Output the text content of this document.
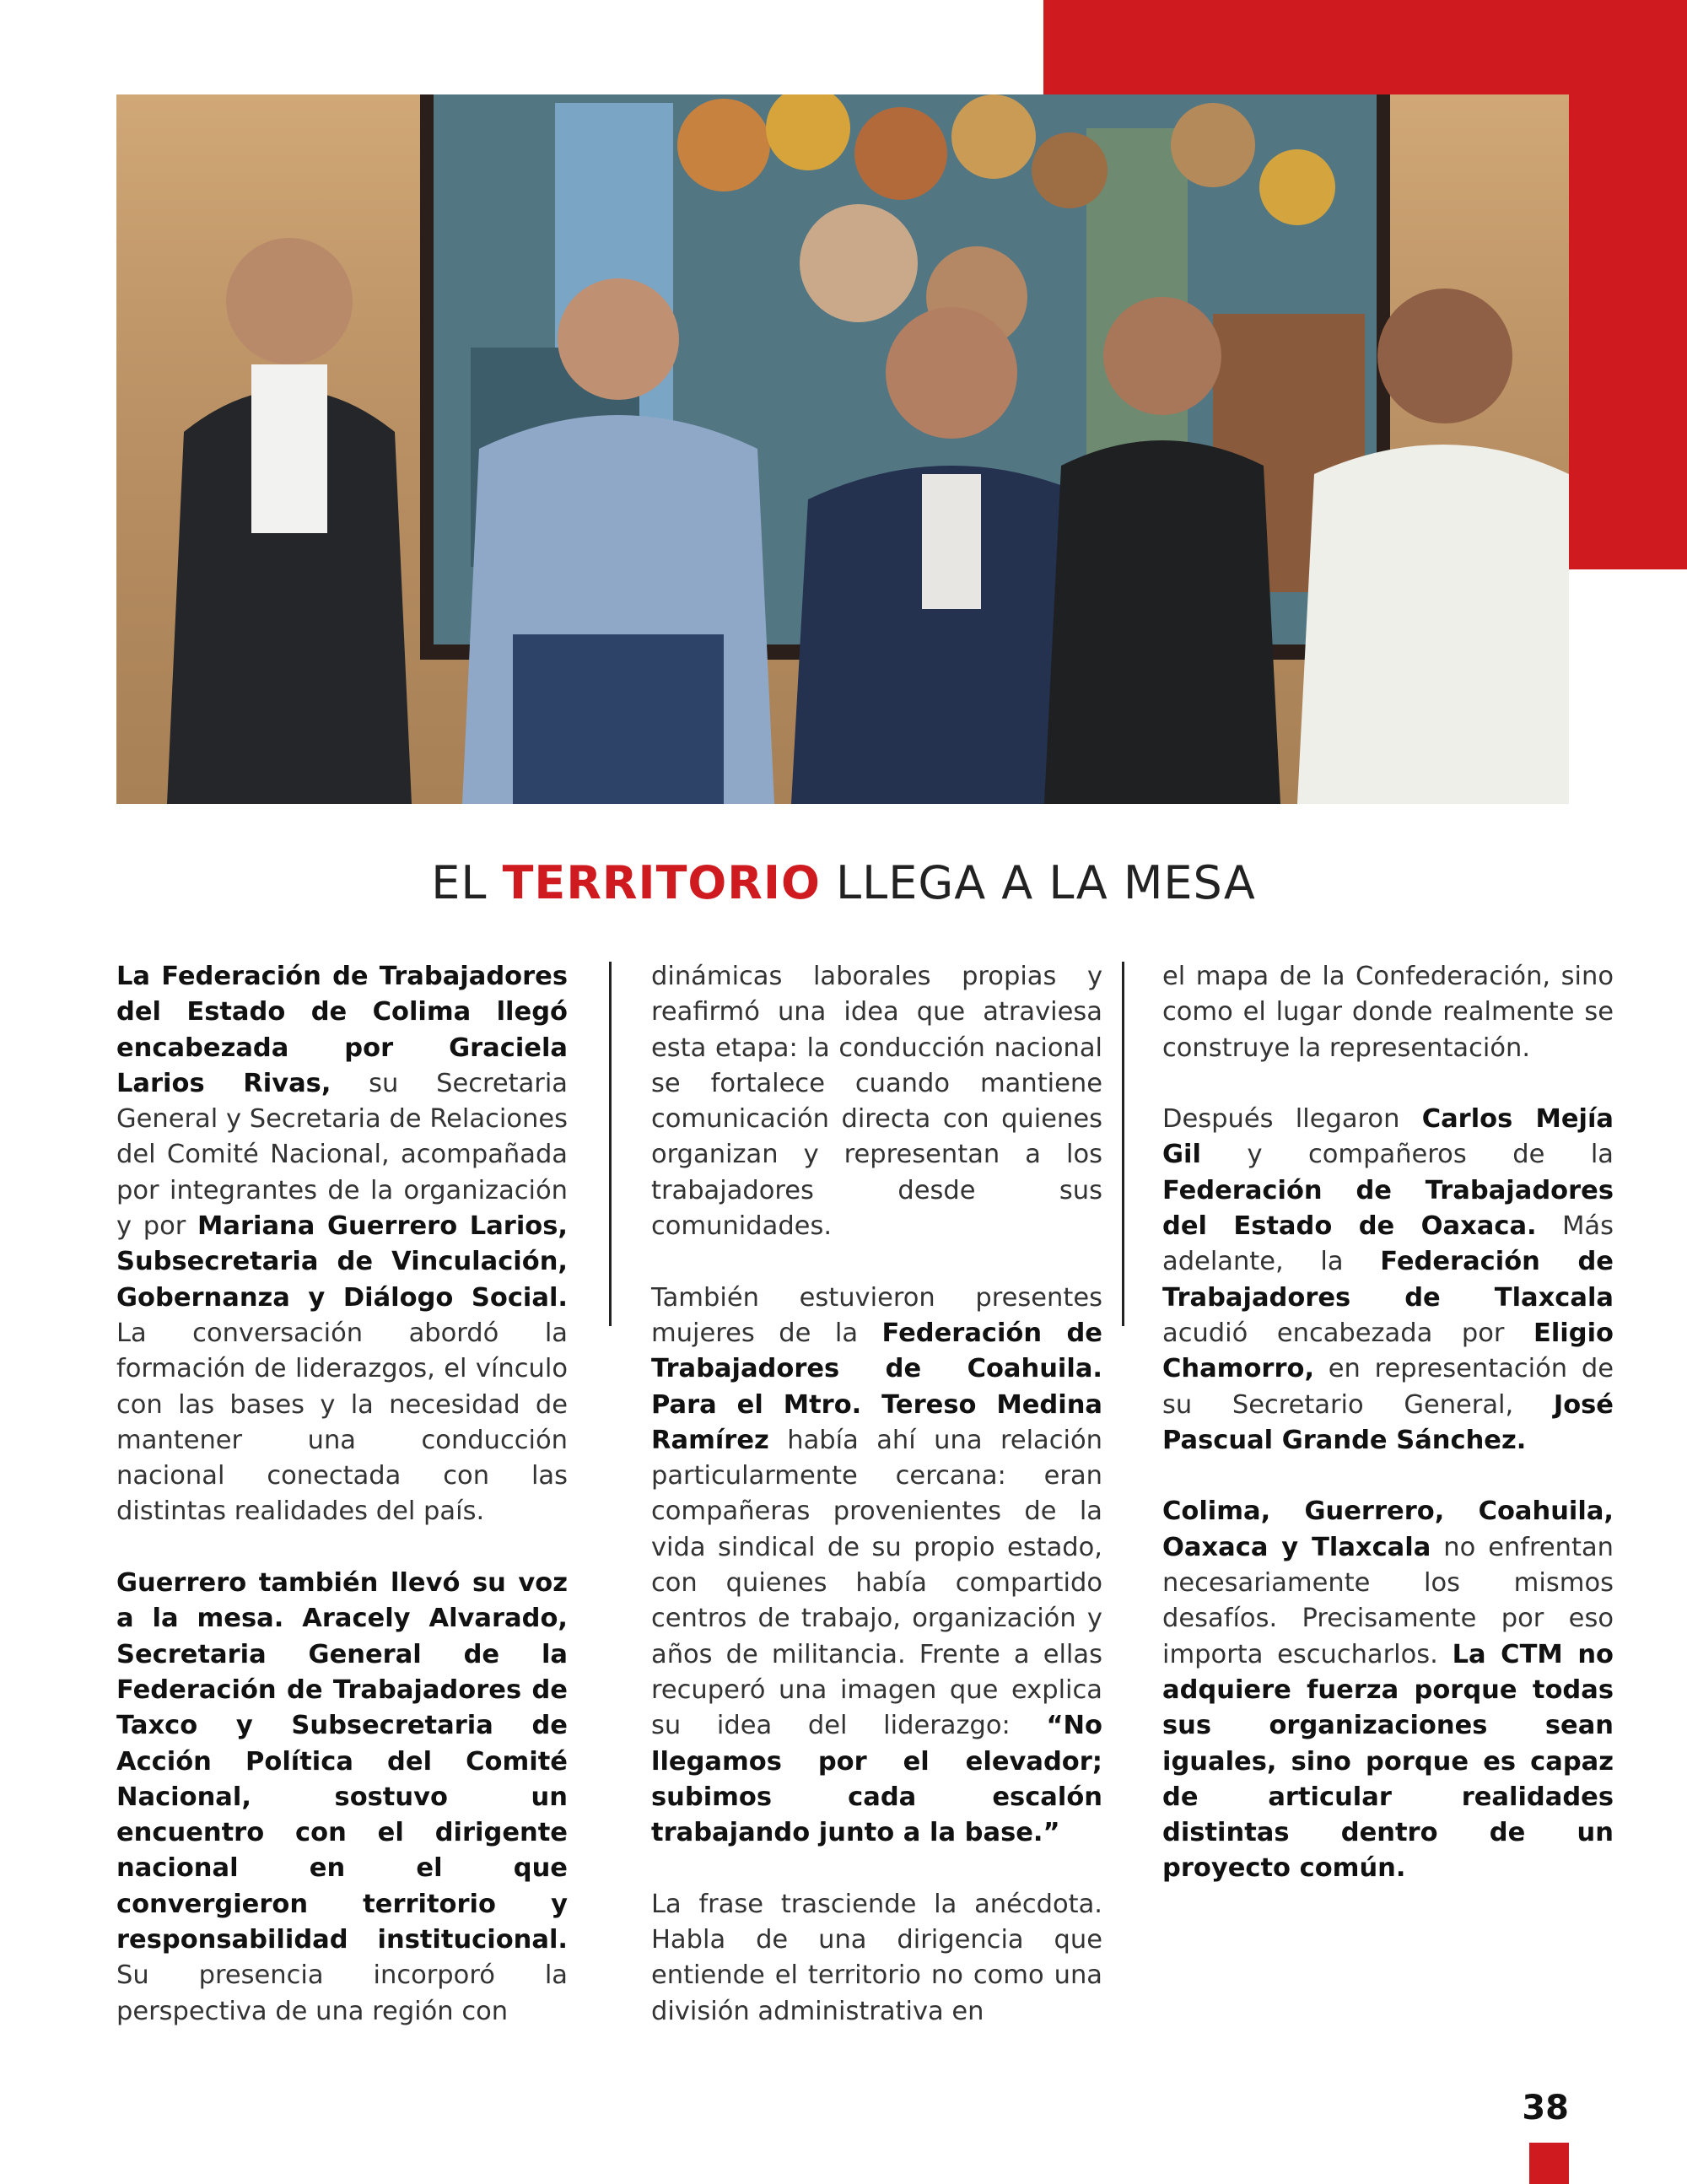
EL TERRITORIO LLEGA A LA MESA

La Federación de Trabajadores del Estado de Colima llegó encabezada por Graciela Larios Rivas, su Secretaria General y Secretaria de Relaciones del Comité Nacional, acompañada por integrantes de la organización y por Mariana Guerrero Larios, Subsecretaria de Vinculación, Gobernanza y Diálogo Social. La conversación abordó la formación de liderazgos, el vínculo con las bases y la necesidad de mantener una conducción nacional conectada con las distintas realidades del país.

Guerrero también llevó su voz a la mesa. Aracely Alvarado, Secretaria General de la Federación de Trabajadores de Taxco y Subsecretaria de Acción Política del Comité Nacional, sostuvo un encuentro con el dirigente nacional en el que convergieron territorio y responsabilidad institucional. Su presencia incorporó la perspectiva de una región con

dinámicas laborales propias y reafirmó una idea que atraviesa esta etapa: la conducción nacional se fortalece cuando mantiene comunicación directa con quienes organizan y representan a los trabajadores desde sus comunidades.

También estuvieron presentes mujeres de la Federación de Trabajadores de Coahuila. Para el Mtro. Tereso Medina Ramírez había ahí una relación particularmente cercana: eran compañeras provenientes de la vida sindical de su propio estado, con quienes había compartido centros de trabajo, organización y años de militancia. Frente a ellas recuperó una imagen que explica su idea del liderazgo: “No llegamos por el elevador; subimos cada escalón trabajando junto a la base.”

La frase trasciende la anécdota. Habla de una dirigencia que entiende el territorio no como una división administrativa en

el mapa de la Confederación, sino como el lugar donde realmente se construye la representación.

Después llegaron Carlos Mejía Gil y compañeros de la Federación de Trabajadores del Estado de Oaxaca. Más adelante, la Federación de Trabajadores de Tlaxcala acudió encabezada por Eligio Chamorro, en representación de su Secretario General, José Pascual Grande Sánchez.

Colima, Guerrero, Coahuila, Oaxaca y Tlaxcala no enfrentan necesariamente los mismos desafíos. Precisamente por eso importa escucharlos. La CTM no adquiere fuerza porque todas sus organizaciones sean iguales, sino porque es capaz de articular realidades distintas dentro de un proyecto común.

38
